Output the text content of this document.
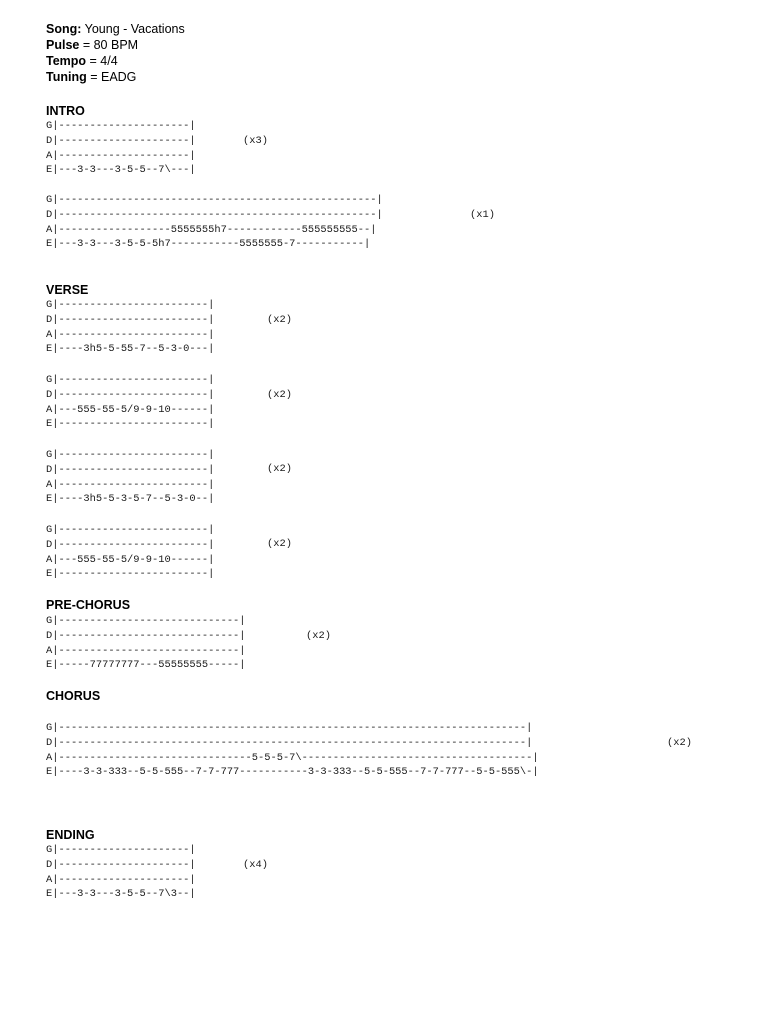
Song: Young - Vacations
Pulse = 80 BPM
Tempo = 4/4
Tuning = EADG
INTRO
G|---------------------|
D|---------------------|
A|---------------------|
E|---3-3---3-5-5--7\---|
(x3)
G|---------------------------------------------------|
D|---------------------------------------------------|
A|------------------5555555h7------------555555555--|
E|---3-3---3-5-5-5h7-----------5555555-7-----------|
(x1)
VERSE
G|------------------------|
D|------------------------|
A|------------------------|
E|----3h5-5-55-7--5-3-0---|
(x2)
G|------------------------|
D|------------------------|
A|---555-55-5/9-9-10------|
E|------------------------|
(x2)
G|------------------------|
D|------------------------|
A|------------------------|
E|----3h5-5-3-5-7--5-3-0--|
(x2)
G|------------------------|
D|------------------------|
A|---555-55-5/9-9-10------|
E|------------------------|
(x2)
PRE-CHORUS
G|-----------------------------|
D|-----------------------------|
A|-----------------------------|
E|-----77777777---55555555-----|
(x2)
CHORUS
G|---------------------------------------------------------------------------|
D|---------------------------------------------------------------------------|
A|-------------------------------5-5-5-7\-------------------------------------|
E|----3-3-333--5-5-555--7-7-777-----------3-3-333--5-5-555--7-7-777--5-5-555\-|
(x2)
ENDING
G|---------------------|
D|---------------------|
A|---------------------|
E|---3-3---3-5-5--7\3--|
(x4)
